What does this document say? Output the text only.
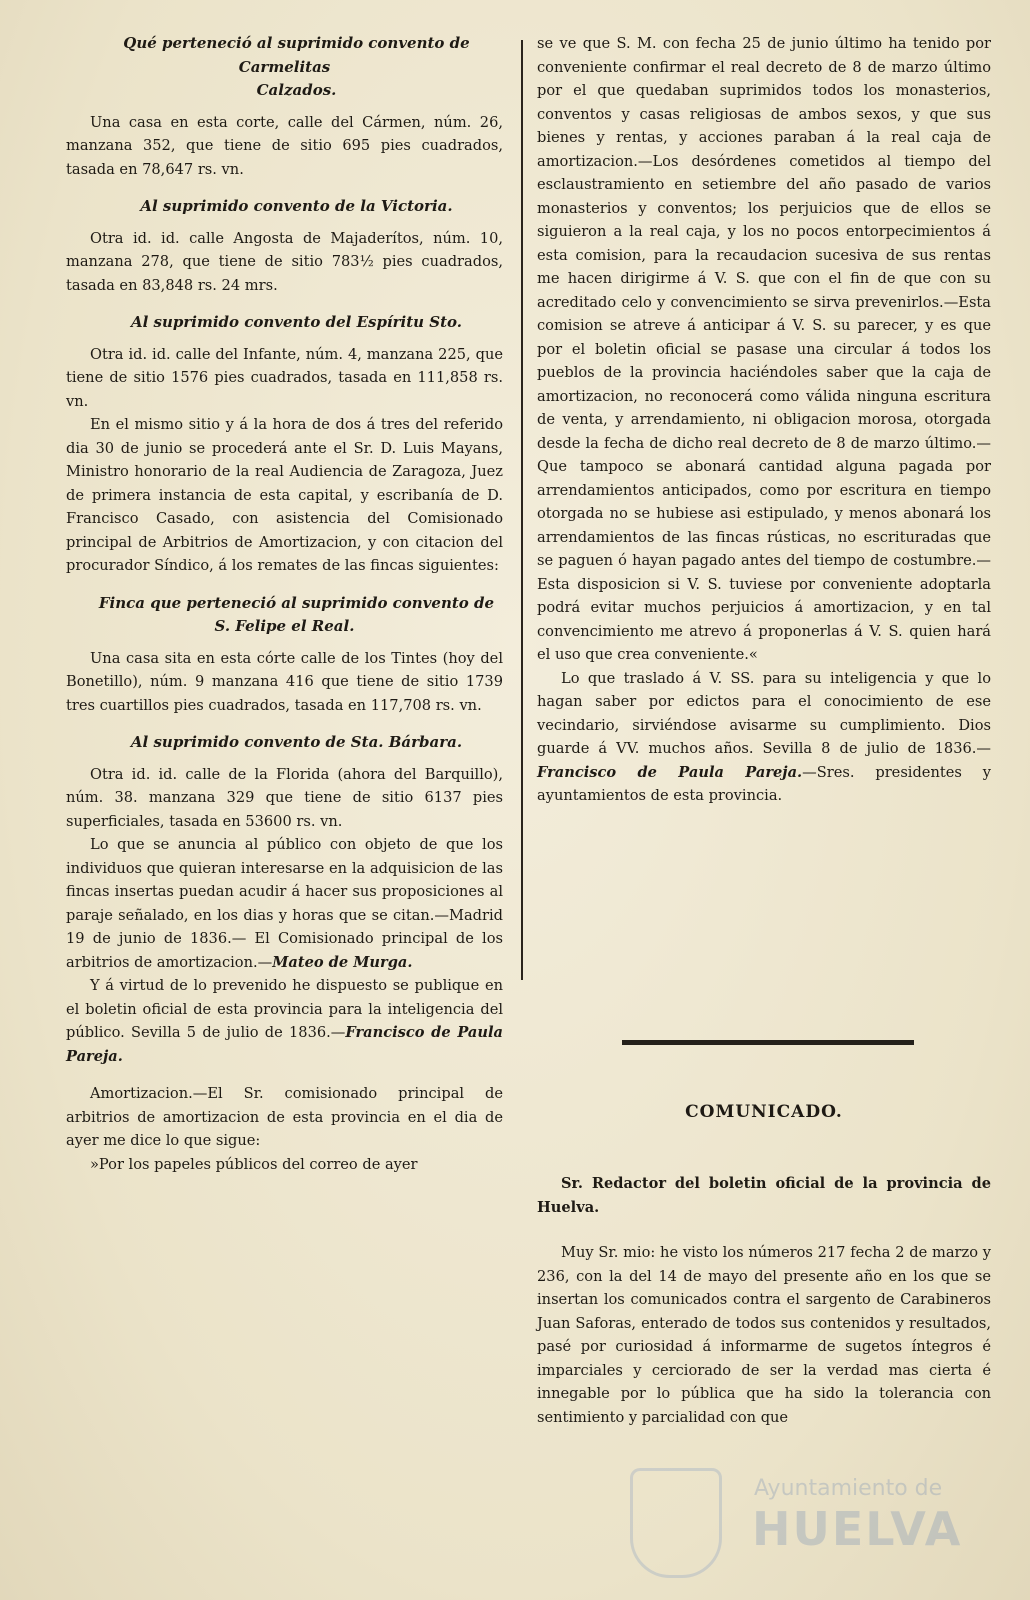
Qué perteneció al suprimido convento de Carmelitas

Calzados.

Una casa en esta corte, calle del Cármen, núm. 26, manzana 352, que tiene de sitio 695 pies cuadrados, tasada en 78,647 rs. vn.

Al suprimido convento de la Victoria.

Otra id. id. calle Angosta de Majaderítos, núm. 10, manzana 278, que tiene de sitio 783½ pies cuadrados, tasada en 83,848 rs. 24 mrs.

Al suprimido convento del Espíritu Sto.

Otra id. id. calle del Infante, núm. 4, manzana 225, que tiene de sitio 1576 pies cuadrados, tasada en 111,858 rs. vn.

En el mismo sitio y á la hora de dos á tres del referido dia 30 de junio se procederá ante el Sr. D. Luis Mayans, Ministro honorario de la real Audiencia de Zaragoza, Juez de primera instancia de esta capital, y escribanía de D. Francisco Casado, con asistencia del Comisionado principal de Arbitrios de Amortizacion, y con citacion del procurador Síndico, á los remates de las fincas siguientes:

Finca que perteneció al suprimido convento de S. Felipe el Real.

Una casa sita en esta córte calle de los Tintes (hoy del Bonetillo), núm. 9 manzana 416 que tiene de sitio 1739 tres cuartillos pies cuadrados, tasada en 117,708 rs. vn.

Al suprimido convento de Sta. Bárbara.

Otra id. id. calle de la Florida (ahora del Barquillo), núm. 38. manzana 329 que tiene de sitio 6137 pies superficiales, tasada en 53600 rs. vn.

Lo que se anuncia al público con objeto de que los individuos que quieran interesarse en la adquisicion de las fincas insertas puedan acudir á hacer sus proposiciones al paraje señalado, en los dias y horas que se citan.—Madrid 19 de junio de 1836.— El Comisionado principal de los arbitrios de amortizacion.—Mateo de Murga.

Y á virtud de lo prevenido he dispuesto se publique en el boletin oficial de esta provincia para la inteligencia del público. Sevilla 5 de julio de 1836.—Francisco de Paula Pareja.

Amortizacion.—El Sr. comisionado principal de arbitrios de amortizacion de esta provincia en el dia de ayer me dice lo que sigue:

»Por los papeles públicos del correo de ayer

se ve que S. M. con fecha 25 de junio último ha tenido por conveniente confirmar el real decreto de 8 de marzo último por el que quedaban suprimidos todos los monasterios, conventos y casas religiosas de ambos sexos, y que sus bienes y rentas, y acciones paraban á la real caja de amortizacion.—Los desórdenes cometidos al tiempo del esclaustramiento en setiembre del año pasado de varios monasterios y conventos; los perjuicios que de ellos se siguieron a la real caja, y los no pocos entorpecimientos á esta comision, para la recaudacion sucesiva de sus rentas me hacen dirigirme á V. S. que con el fin de que con su acreditado celo y convencimiento se sirva prevenirlos.—Esta comision se atreve á anticipar á V. S. su parecer, y es que por el boletin oficial se pasase una circular á todos los pueblos de la provincia haciéndoles saber que la caja de amortizacion, no reconocerá como válida ninguna escritura de venta, y arrendamiento, ni obligacion morosa, otorgada desde la fecha de dicho real decreto de 8 de marzo último.—Que tampoco se abonará cantidad alguna pagada por arrendamientos anticipados, como por escritura en tiempo otorgada no se hubiese asi estipulado, y menos abonará los arrendamientos de las fincas rústicas, no escrituradas que se paguen ó hayan pagado antes del tiempo de costumbre.— Esta disposicion si V. S. tuviese por conveniente adoptarla podrá evitar muchos perjuicios á amortizacion, y en tal convencimiento me atrevo á proponerlas á V. S. quien hará el uso que crea conveniente.«

Lo que traslado á V. SS. para su inteligencia y que lo hagan saber por edictos para el conocimiento de ese vecindario, sirviéndose avisarme su cumplimiento. Dios guarde á VV. muchos años. Sevilla 8 de julio de 1836.—Francisco de Paula Pareja.—Sres. presidentes y ayuntamientos de esta provincia.

COMUNICADO.

Sr. Redactor del boletin oficial de la provincia de Huelva.

Muy Sr. mio: he visto los números 217 fecha 2 de marzo y 236, con la del 14 de mayo del presente año en los que se insertan los comunicados contra el sargento de Carabineros Juan Saforas, enterado de todos sus contenidos y resultados, pasé por curiosidad á informarme de sugetos íntegros é imparciales y cerciorado de ser la verdad mas cierta é innegable por lo pública que ha sido la tolerancia con sentimiento y parcialidad con que

Ayuntamiento de
HUELVA
